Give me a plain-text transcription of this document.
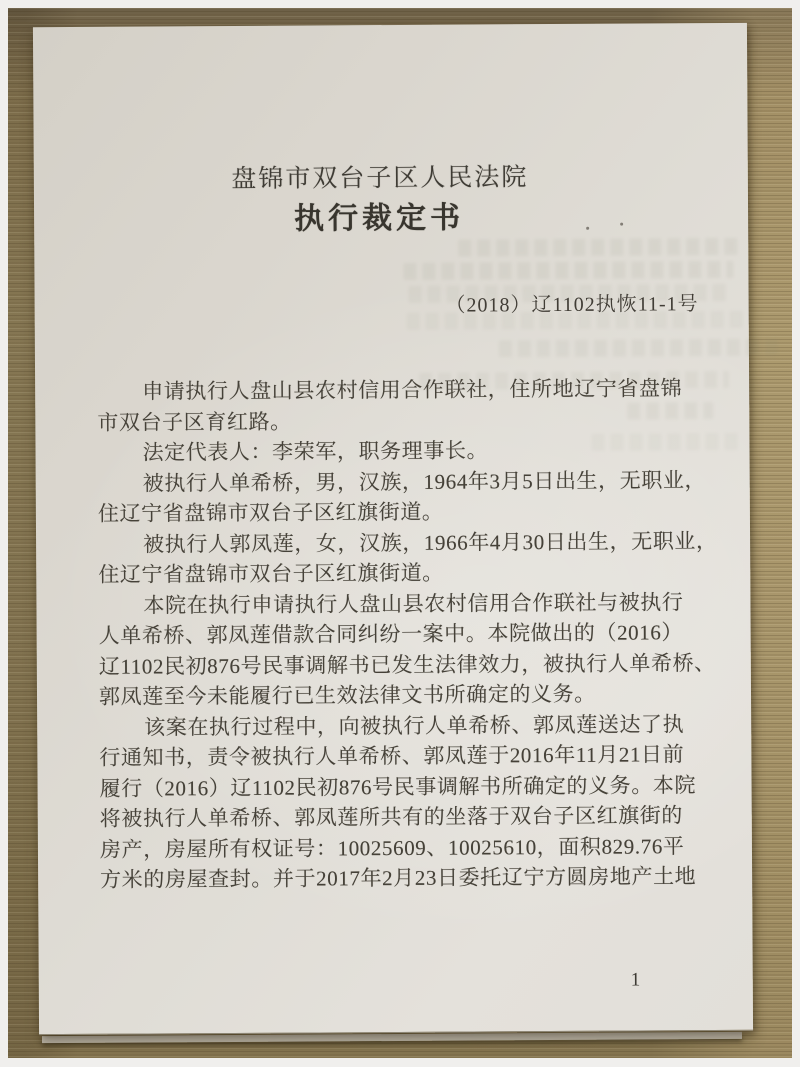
盘锦市双台子区人民法院
执行裁定书
（2018）辽1102执恢11-1号
申请执行人盘山县农村信用合作联社，住所地辽宁省盘锦
市双台子区育红路。
法定代表人：李荣军，职务理事长。
被执行人单希桥，男，汉族，1964年3月5日出生，无职业，
住辽宁省盘锦市双台子区红旗街道。
被执行人郭凤莲，女，汉族，1966年4月30日出生，无职业，
住辽宁省盘锦市双台子区红旗街道。
本院在执行申请执行人盘山县农村信用合作联社与被执行
人单希桥、郭凤莲借款合同纠纷一案中。本院做出的（2016）
辽1102民初876号民事调解书已发生法律效力，被执行人单希桥、
郭凤莲至今未能履行已生效法律文书所确定的义务。
该案在执行过程中，向被执行人单希桥、郭凤莲送达了执
行通知书，责令被执行人单希桥、郭凤莲于2016年11月21日前
履行（2016）辽1102民初876号民事调解书所确定的义务。本院
将被执行人单希桥、郭凤莲所共有的坐落于双台子区红旗街的
房产，房屋所有权证号：10025609、10025610，面积829.76平
方米的房屋查封。并于2017年2月23日委托辽宁方圆房地产土地
1
